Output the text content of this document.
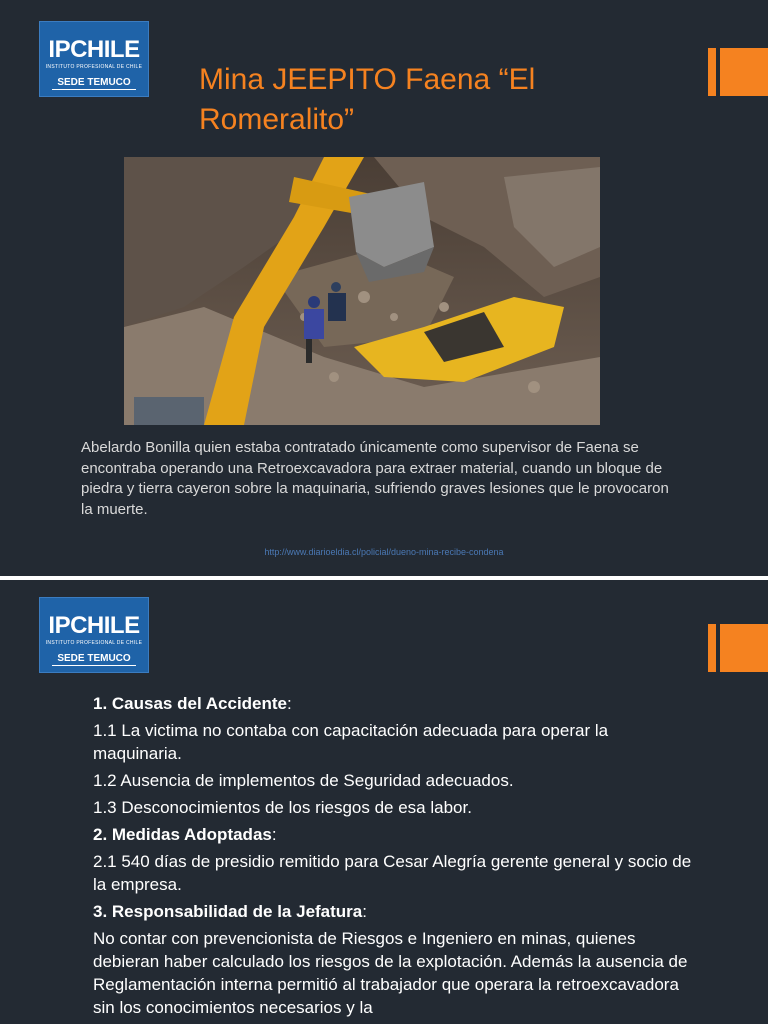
IPCHILE
INSTITUTO PROFESIONAL DE CHILE
SEDE TEMUCO Mina JEEPITO Faena “El Romeralito”

Abelardo Bonilla quien estaba contratado únicamente como supervisor de Faena se encontraba operando una Retroexcavadora para extraer material, cuando un bloque de piedra y tierra cayeron sobre la maquinaria, sufriendo graves lesiones que le provocaron la muerte.

http://www.diarioeldia.cl/policial/dueno-mina-recibe-condena
IPCHILE
INSTITUTO PROFESIONAL DE CHILE
SEDE TEMUCO

1. Causas del Accidente:

1.1 La victima no contaba con capacitación adecuada para operar la maquinaria.

1.2 Ausencia de implementos de Seguridad adecuados.

1.3 Desconocimientos de los riesgos de esa labor.

2. Medidas Adoptadas:

2.1 540 días de presidio remitido para Cesar Alegría gerente general y socio de la empresa.

3. Responsabilidad de la Jefatura:

No contar con prevencionista de Riesgos e Ingeniero en minas, quienes debieran haber calculado los riesgos de la explotación. Además la ausencia de Reglamentación interna permitió al trabajador que operara la retroexcavadora sin los conocimientos necesarios y la
